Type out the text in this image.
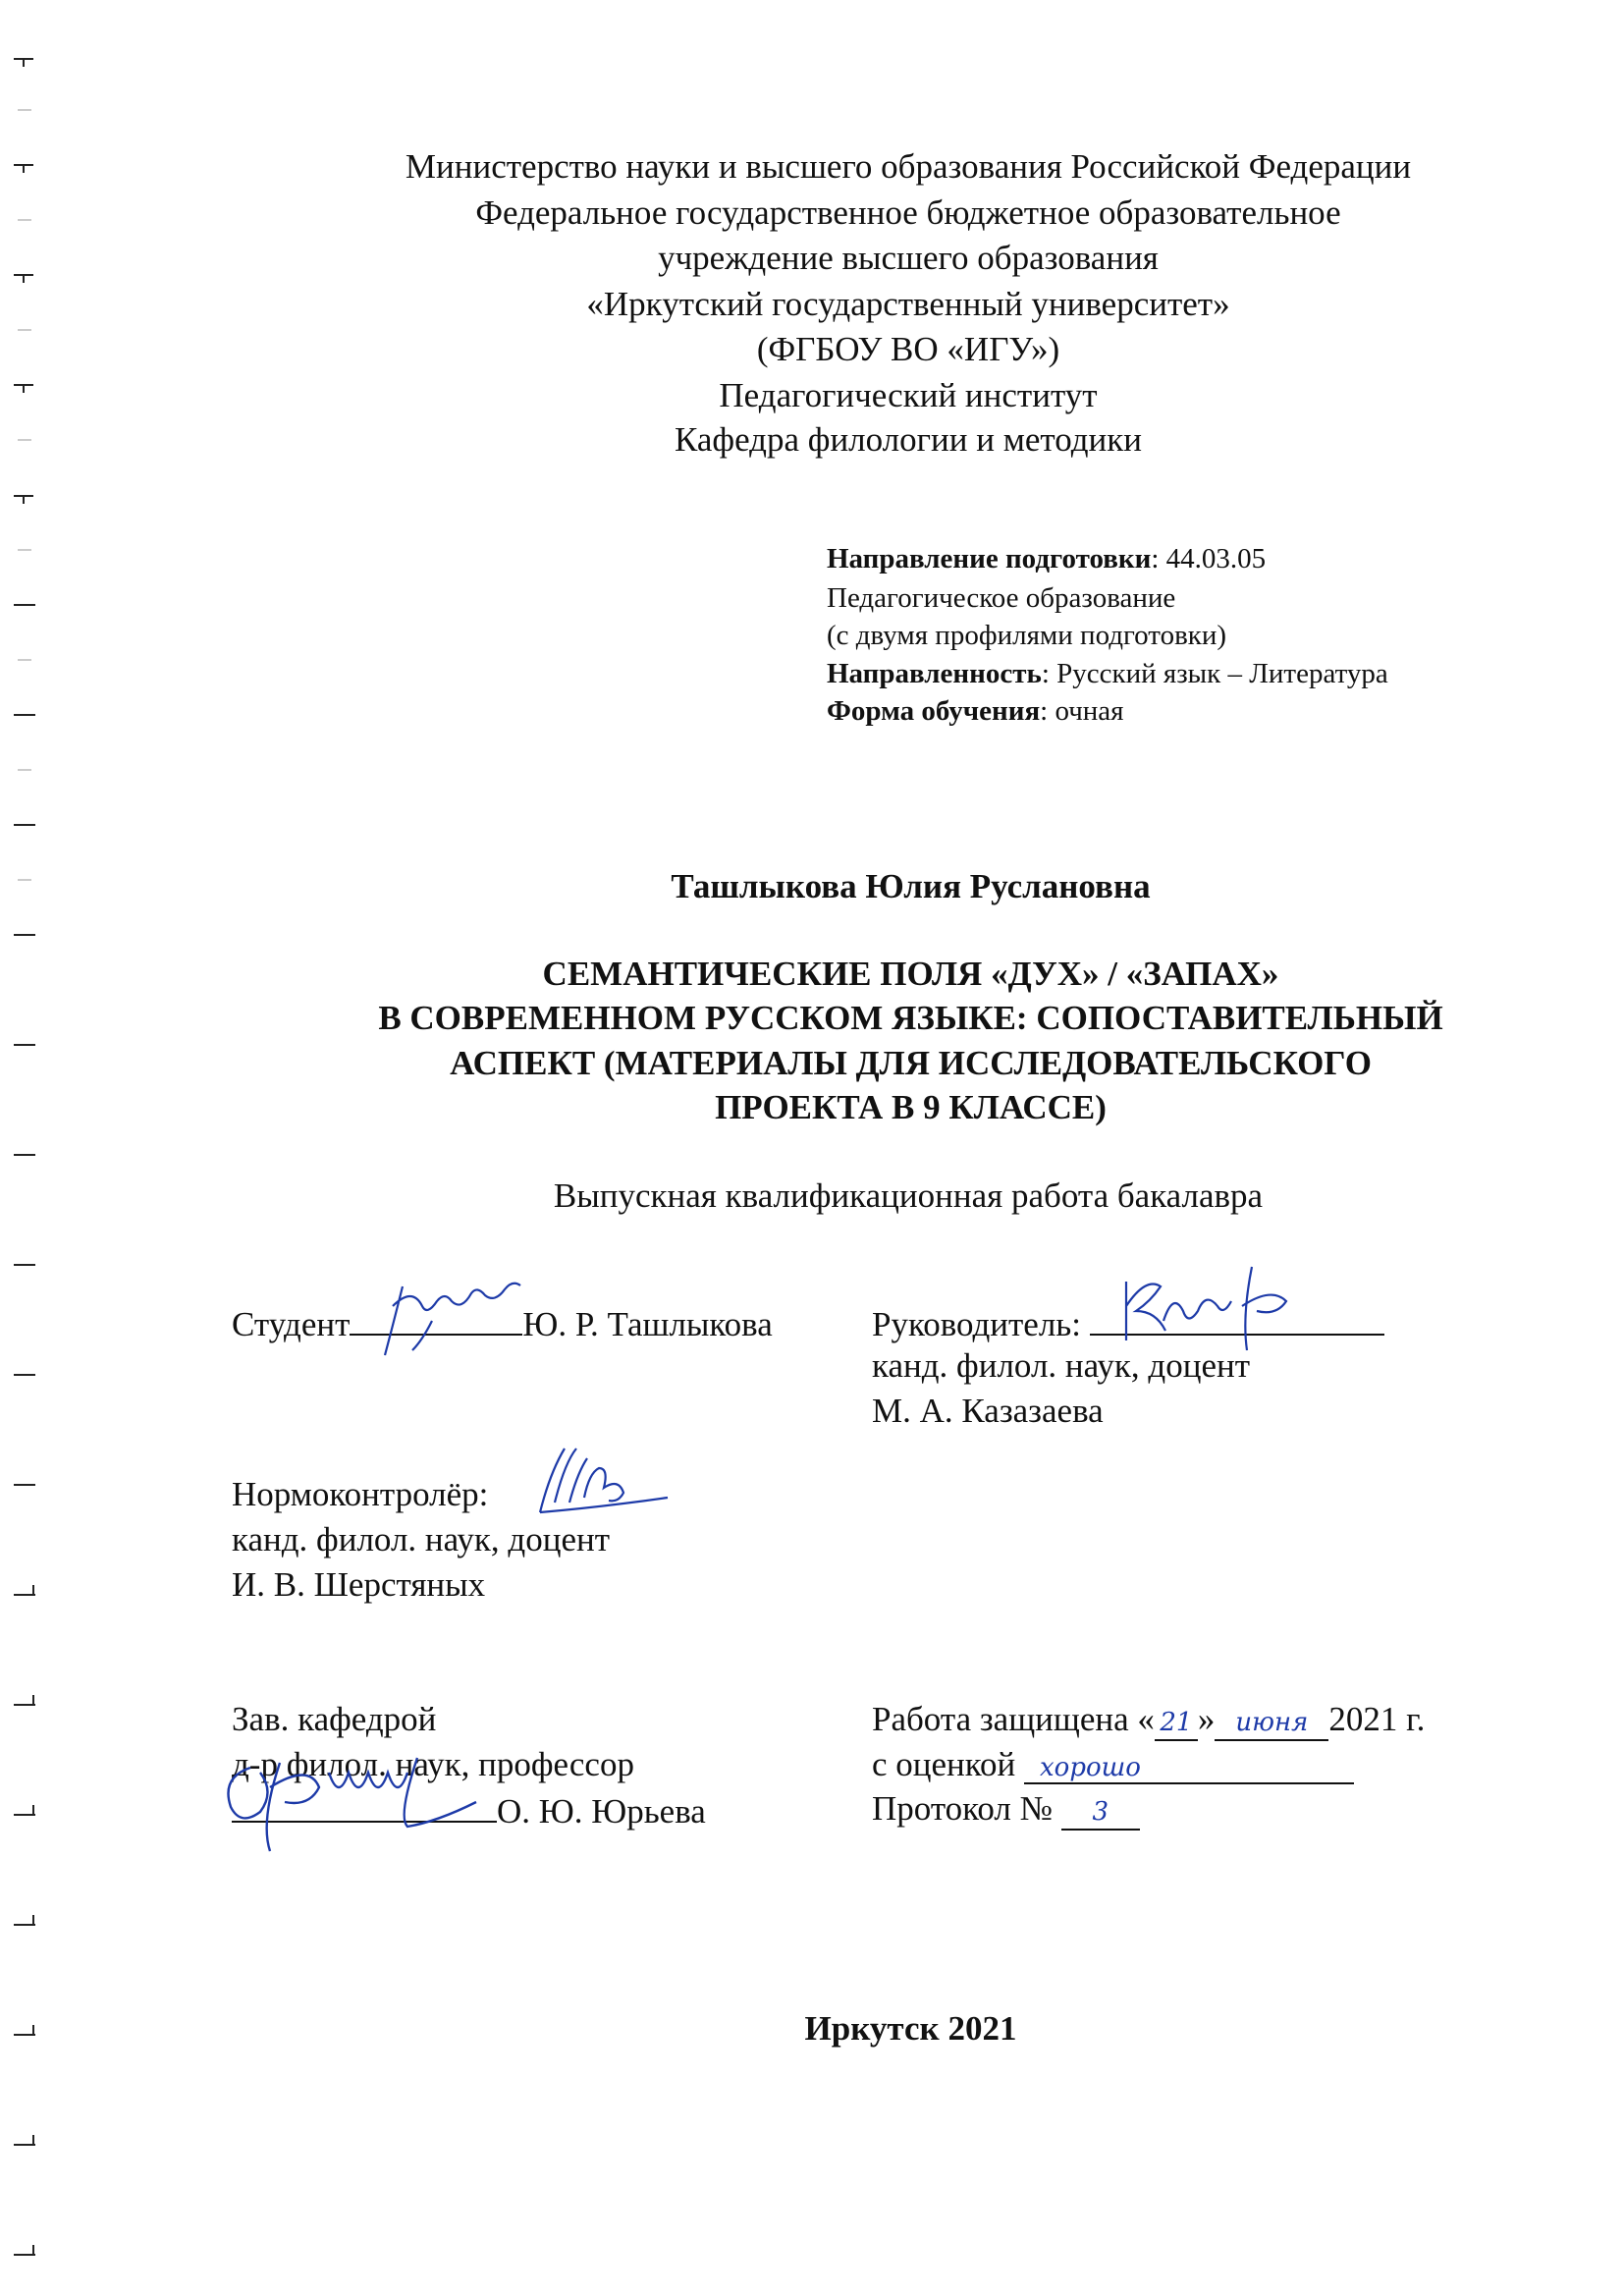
Министерство науки и высшего образования Российской Федерации
Федеральное государственное бюджетное образовательное
учреждение высшего образования
«Иркутский государственный университет»
(ФГБОУ ВО «ИГУ»)
Педагогический институт
Кафедра филологии и методики
Направление подготовки: 44.03.05
Педагогическое образование
(с двумя профилями подготовки)
Направленность: Русский язык – Литература
Форма обучения: очная
Ташлыкова Юлия Руслановна
СЕМАНТИЧЕСКИЕ ПОЛЯ «ДУХ» / «ЗАПАХ»
В СОВРЕМЕННОМ РУССКОМ ЯЗЫКЕ: СОПОСТАВИТЕЛЬНЫЙ
АСПЕКТ (МАТЕРИАЛЫ ДЛЯ ИССЛЕДОВАТЕЛЬСКОГО
ПРОЕКТА В 9 КЛАССЕ)
Выпускная квалификационная работа бакалавра
Студент	Ю. Р. Ташлыкова	Руководитель:
канд. филол. наук, доцент
М. А. Казазаева
Нормоконтролёр:
канд. филол. наук, доцент
И. В. Шерстяных
Зав. кафедрой
д-р филол. наук, профессор
О. Ю. Юрьева
Работа защищена « 21 » июня 2021 г.
с оценкой хорошо
Протокол № 3
Иркутск 2021
